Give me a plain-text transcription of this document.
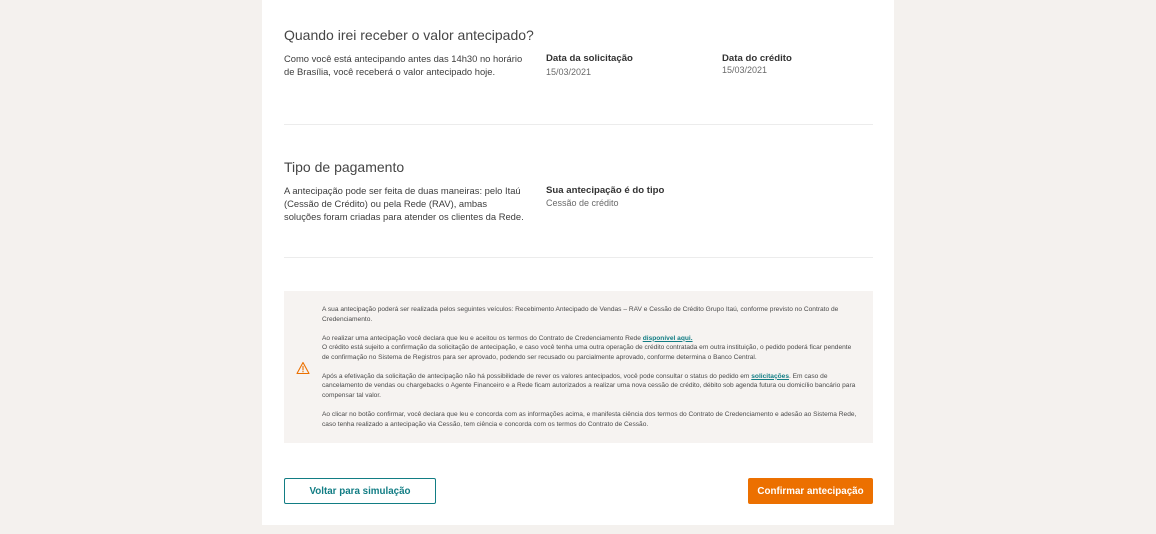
Quando irei receber o valor antecipado?

Como você está antecipando antes das 14h30 no horário de Brasília, você receberá o valor antecipado hoje.

Data da solicitação
15/03/2021
Data do crédito
15/03/2021
Tipo de pagamento

A antecipação pode ser feita de duas maneiras: pelo Itaú (Cessão de Crédito) ou pela Rede (RAV), ambas soluções foram criadas para atender os clientes da Rede.

Sua antecipação é do tipo
Cessão de crédito

A sua antecipação poderá ser realizada pelos seguintes veículos: Recebimento Antecipado de Vendas – RAV e Cessão de Crédito Grupo Itaú, conforme previsto no Contrato de Credenciamento.

Ao realizar uma antecipação você declara que leu e aceitou os termos do Contrato de Credenciamento Rede disponível aqui.
O crédito está sujeito a confirmação da solicitação de antecipação, e caso você tenha uma outra operação de crédito contratada em outra instituição, o pedido poderá ficar pendente de confirmação no Sistema de Registros para ser aprovado, podendo ser recusado ou parcialmente aprovado, conforme determina o Banco Central.

Após a efetivação da solicitação de antecipação não há possibilidade de rever os valores antecipados, você pode consultar o status do pedido em solicitações. Em caso de cancelamento de vendas ou chargebacks o Agente Financeiro e a Rede ficam autorizados a realizar uma nova cessão de crédito, débito sob agenda futura ou domicílio bancário para compensar tal valor.

Ao clicar no botão confirmar, você declara que leu e concorda com as informações acima, e manifesta ciência dos termos do Contrato de Credenciamento e adesão ao Sistema Rede, caso tenha realizado a antecipação via Cessão, tem ciência e concorda com os termos do Contrato de Cessão.

Voltar para simulação	Confirmar antecipação
